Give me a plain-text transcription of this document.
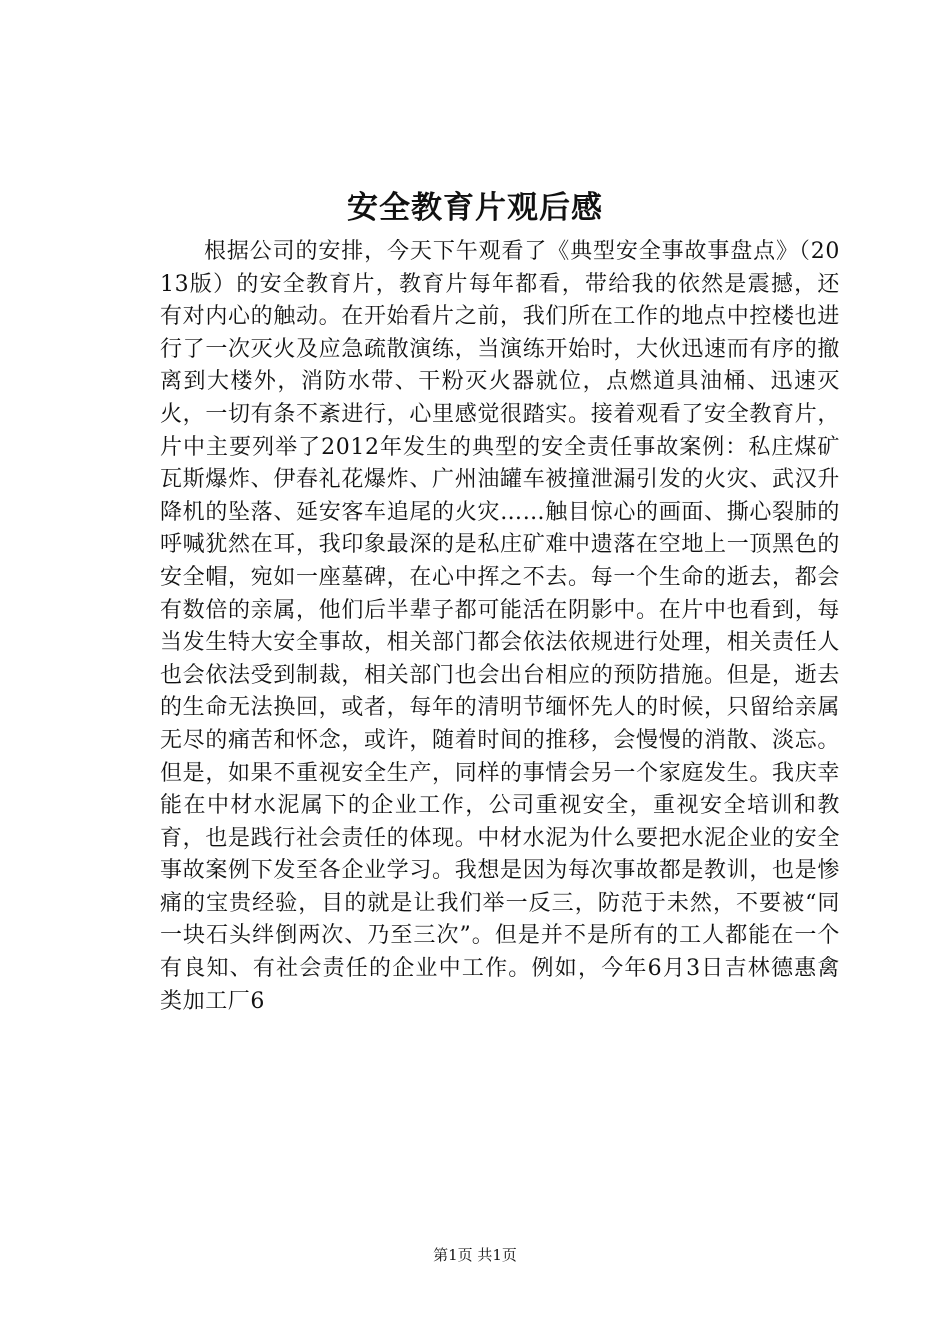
安全教育片观后感

根据公司的安排，今天下午观看了《典型安全事故事盘点》（2013版）的安全教育片，教育片每年都看，带给我的依然是震撼，还有对内心的触动。在开始看片之前，我们所在工作的地点中控楼也进行了一次灭火及应急疏散演练，当演练开始时，大伙迅速而有序的撤离到大楼外，消防水带、干粉灭火器就位，点燃道具油桶、迅速灭火，一切有条不紊进行，心里感觉很踏实。接着观看了安全教育片，片中主要列举了2012年发生的典型的安全责任事故案例：私庄煤矿瓦斯爆炸、伊春礼花爆炸、广州油罐车被撞泄漏引发的火灾、武汉升降机的坠落、延安客车追尾的火灾……触目惊心的画面、撕心裂肺的呼喊犹然在耳，我印象最深的是私庄矿难中遗落在空地上一顶黑色的安全帽，宛如一座墓碑，在心中挥之不去。每一个生命的逝去，都会有数倍的亲属，他们后半辈子都可能活在阴影中。在片中也看到，每当发生特大安全事故，相关部门都会依法依规进行处理，相关责任人也会依法受到制裁，相关部门也会出台相应的预防措施。但是，逝去的生命无法换回，或者，每年的清明节缅怀先人的时候，只留给亲属无尽的痛苦和怀念，或许，随着时间的推移，会慢慢的消散、淡忘。但是，如果不重视安全生产，同样的事情会另一个家庭发生。我庆幸能在中材水泥属下的企业工作，公司重视安全，重视安全培训和教育，也是践行社会责任的体现。中材水泥为什么要把水泥企业的安全事故案例下发至各企业学习。我想是因为每次事故都是教训，也是惨痛的宝贵经验，目的就是让我们举一反三，防范于未然，不要被“同一块石头绊倒两次、乃至三次”。但是并不是所有的工人都能在一个有良知、有社会责任的企业中工作。例如，今年6月3日吉林德惠禽类加工厂6

第1页 共1页
